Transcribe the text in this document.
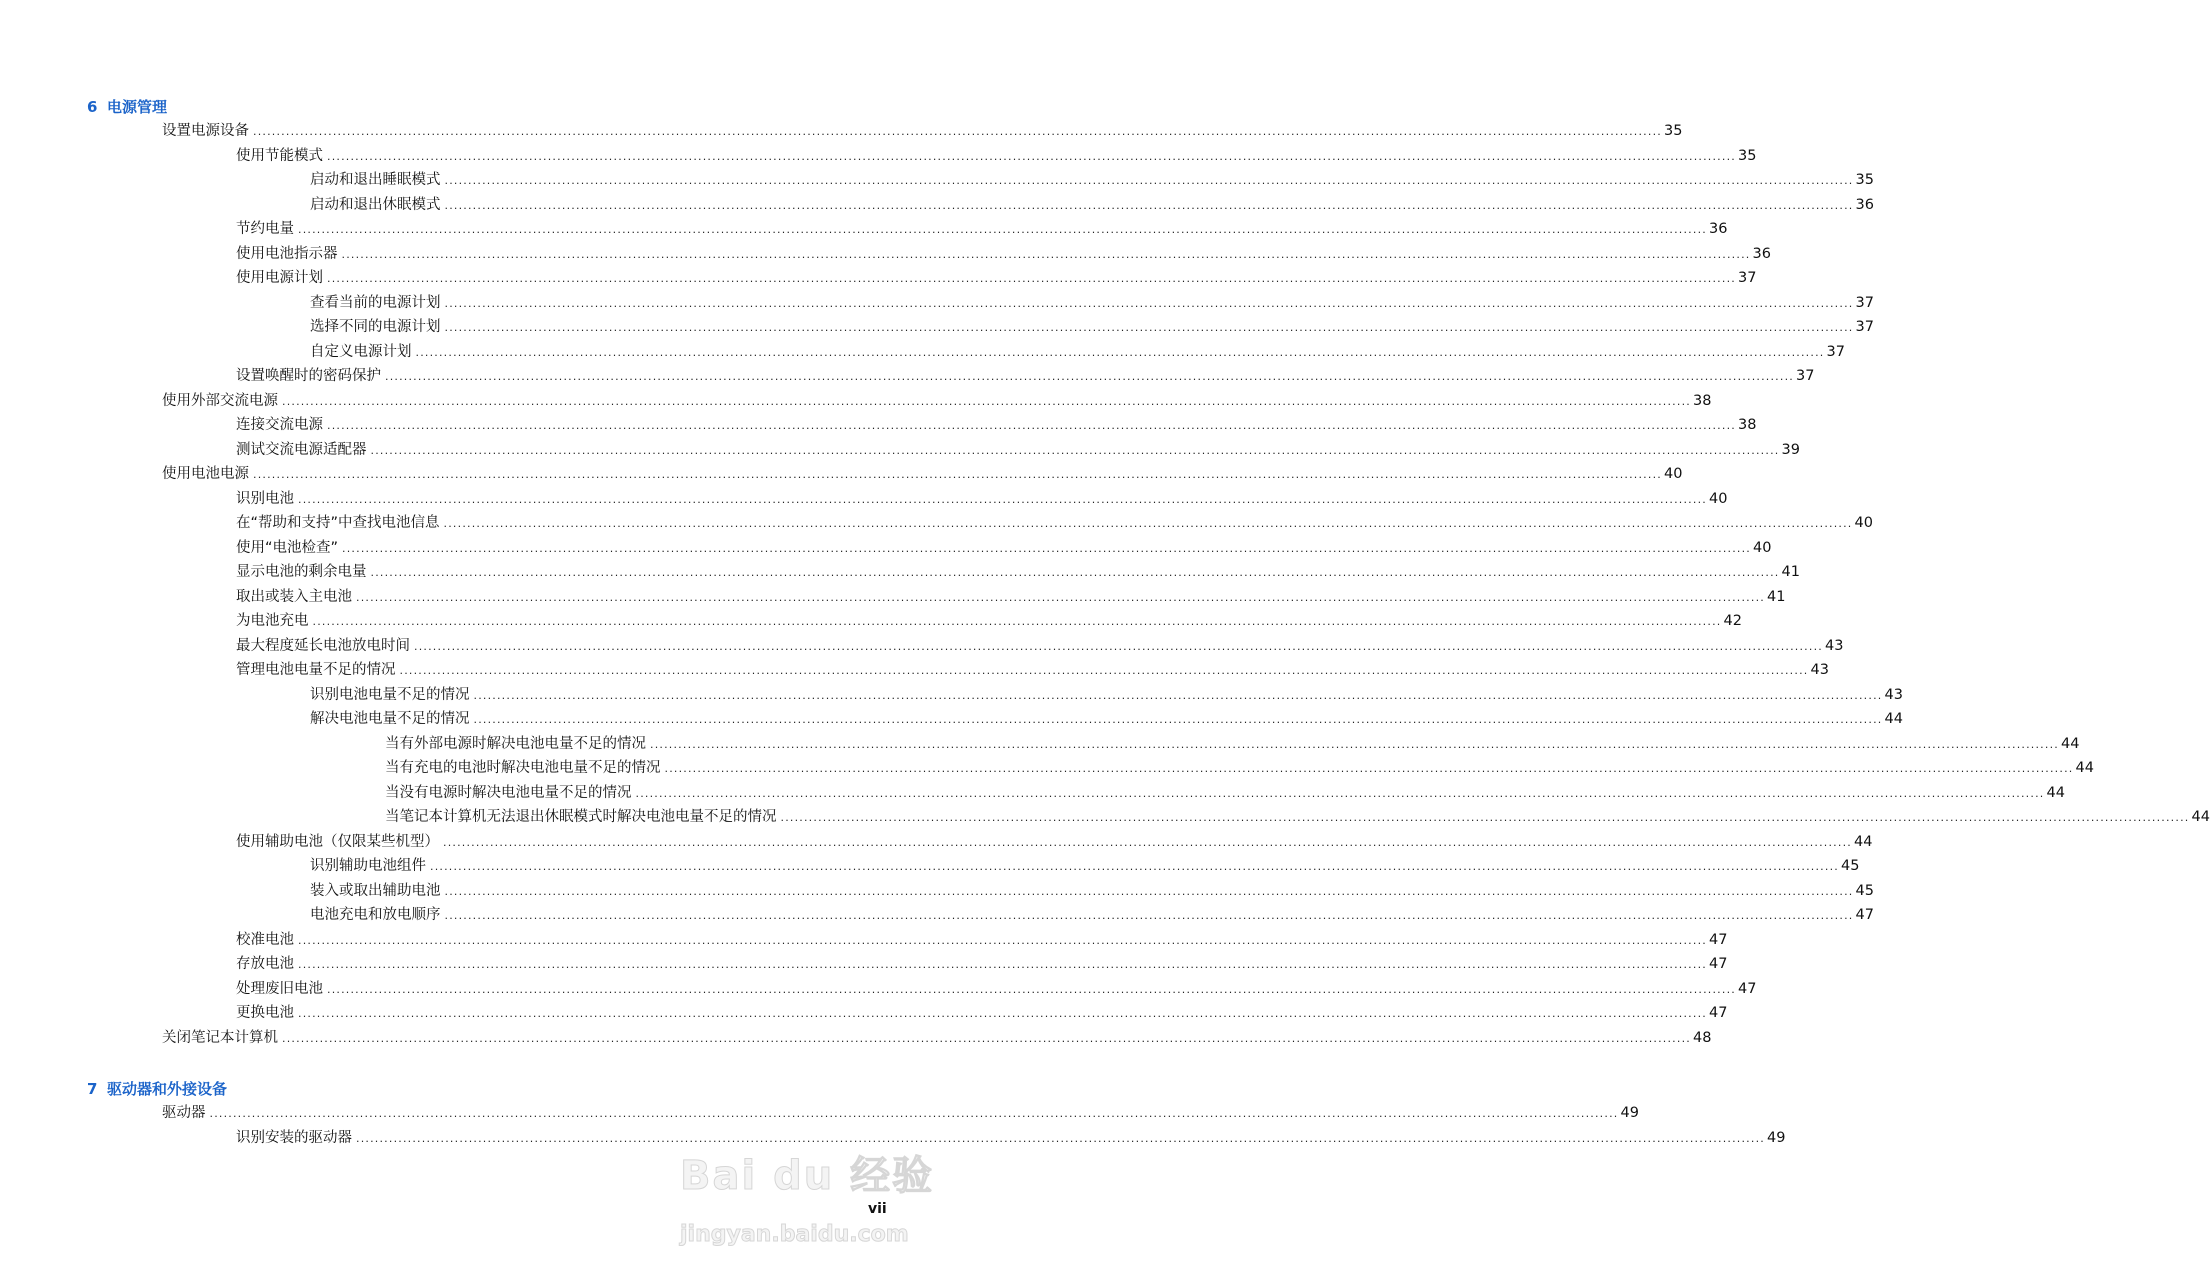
6 电源管理
设置电源设备 ............................................................................................................................................................................................................................................................................................................ 35
使用节能模式 ............................................................................................................................................................................................................................................................................................................ 35
启动和退出睡眠模式 ............................................................................................................................................................................................................................................................................................................ 35
启动和退出休眠模式 ............................................................................................................................................................................................................................................................................................................ 36
节约电量 ............................................................................................................................................................................................................................................................................................................ 36
使用电池指示器 ............................................................................................................................................................................................................................................................................................................ 36
使用电源计划 ............................................................................................................................................................................................................................................................................................................ 37
查看当前的电源计划 ............................................................................................................................................................................................................................................................................................................ 37
选择不同的电源计划 ............................................................................................................................................................................................................................................................................................................ 37
自定义电源计划 ............................................................................................................................................................................................................................................................................................................ 37
设置唤醒时的密码保护 ............................................................................................................................................................................................................................................................................................................ 37
使用外部交流电源 ............................................................................................................................................................................................................................................................................................................ 38
连接交流电源 ............................................................................................................................................................................................................................................................................................................ 38
测试交流电源适配器 ............................................................................................................................................................................................................................................................................................................ 39
使用电池电源 ............................................................................................................................................................................................................................................................................................................ 40
识别电池 ............................................................................................................................................................................................................................................................................................................ 40
在“帮助和支持”中查找电池信息 ............................................................................................................................................................................................................................................................................................................ 40
使用“电池检查” ............................................................................................................................................................................................................................................................................................................ 40
显示电池的剩余电量 ............................................................................................................................................................................................................................................................................................................ 41
取出或装入主电池 ............................................................................................................................................................................................................................................................................................................ 41
为电池充电 ............................................................................................................................................................................................................................................................................................................ 42
最大程度延长电池放电时间 ............................................................................................................................................................................................................................................................................................................ 43
管理电池电量不足的情况 ............................................................................................................................................................................................................................................................................................................ 43
识别电池电量不足的情况 ............................................................................................................................................................................................................................................................................................................ 43
解决电池电量不足的情况 ............................................................................................................................................................................................................................................................................................................ 44
当有外部电源时解决电池电量不足的情况 ............................................................................................................................................................................................................................................................................................................ 44
当有充电的电池时解决电池电量不足的情况 ............................................................................................................................................................................................................................................................................................................ 44
当没有电源时解决电池电量不足的情况 ............................................................................................................................................................................................................................................................................................................ 44
当笔记本计算机无法退出休眠模式时解决电池电量不足的情况 ............................................................................................................................................................................................................................................................................................................ 44
使用辅助电池（仅限某些机型） ............................................................................................................................................................................................................................................................................................................ 44
识别辅助电池组件 ............................................................................................................................................................................................................................................................................................................ 45
装入或取出辅助电池 ............................................................................................................................................................................................................................................................................................................ 45
电池充电和放电顺序 ............................................................................................................................................................................................................................................................................................................ 47
校准电池 ............................................................................................................................................................................................................................................................................................................ 47
存放电池 ............................................................................................................................................................................................................................................................................................................ 47
处理废旧电池 ............................................................................................................................................................................................................................................................................................................ 47
更换电池 ............................................................................................................................................................................................................................................................................................................ 47
关闭笔记本计算机 ............................................................................................................................................................................................................................................................................................................ 48
7 驱动器和外接设备
驱动器 ............................................................................................................................................................................................................................................................................................................ 49
识别安装的驱动器 ............................................................................................................................................................................................................................................................................................................ 49
Bai du 经验
vii
jingyan.baidu.com
